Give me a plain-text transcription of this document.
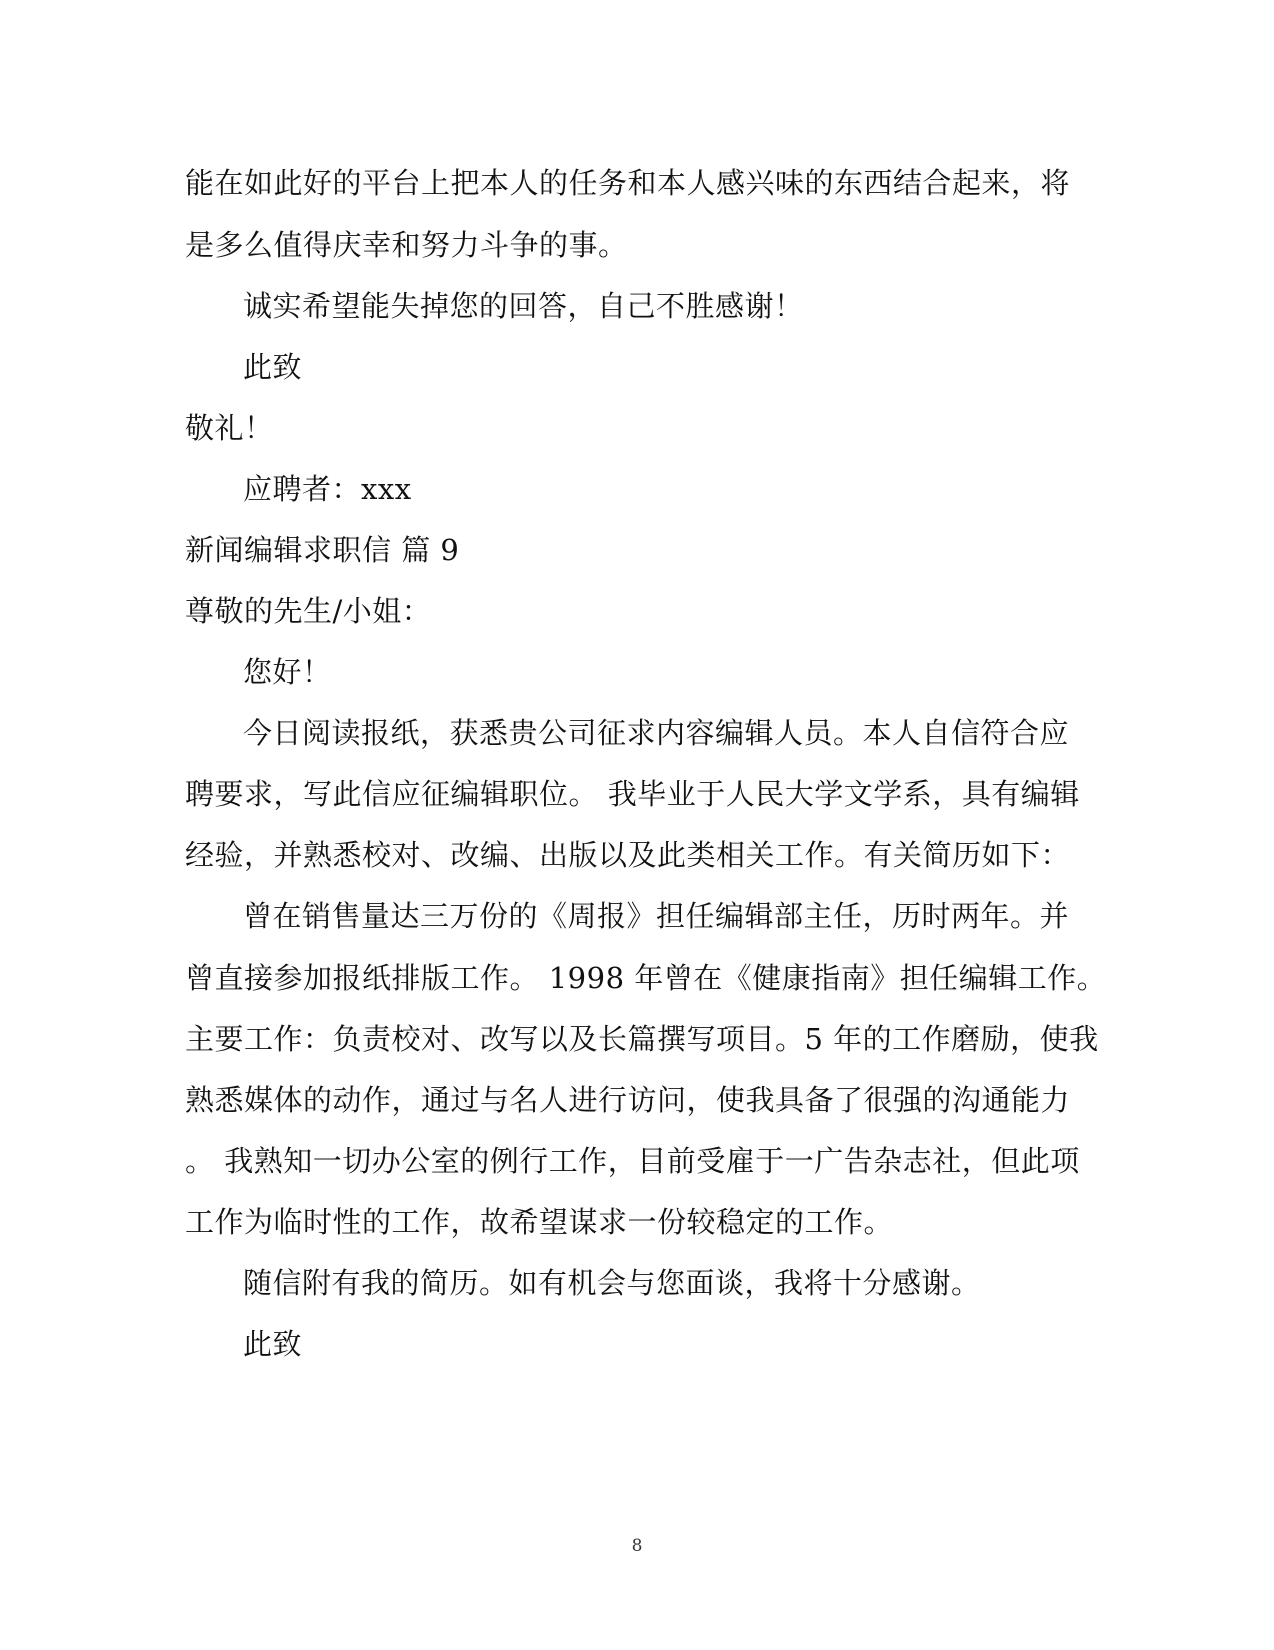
能在如此好的平台上把本人的任务和本人感兴味的东西结合起来，将
是多么值得庆幸和努力斗争的事。
诚实希望能失掉您的回答，自己不胜感谢！
此致
敬礼！
应聘者：xxx
新闻编辑求职信 篇 9
尊敬的先生/小姐：
您好！
今日阅读报纸，获悉贵公司征求内容编辑人员。本人自信符合应
聘要求，写此信应征编辑职位。 我毕业于人民大学文学系，具有编辑
经验，并熟悉校对、改编、出版以及此类相关工作。有关简历如下：
曾在销售量达三万份的《周报》担任编辑部主任，历时两年。并
曾直接参加报纸排版工作。 1998 年曾在《健康指南》担任编辑工作。
主要工作：负责校对、改写以及长篇撰写项目。5 年的工作磨励，使我
熟悉媒体的动作，通过与名人进行访问，使我具备了很强的沟通能力
。 我熟知一切办公室的例行工作，目前受雇于一广告杂志社，但此项
工作为临时性的工作，故希望谋求一份较稳定的工作。
随信附有我的简历。如有机会与您面谈，我将十分感谢。
此致
8
